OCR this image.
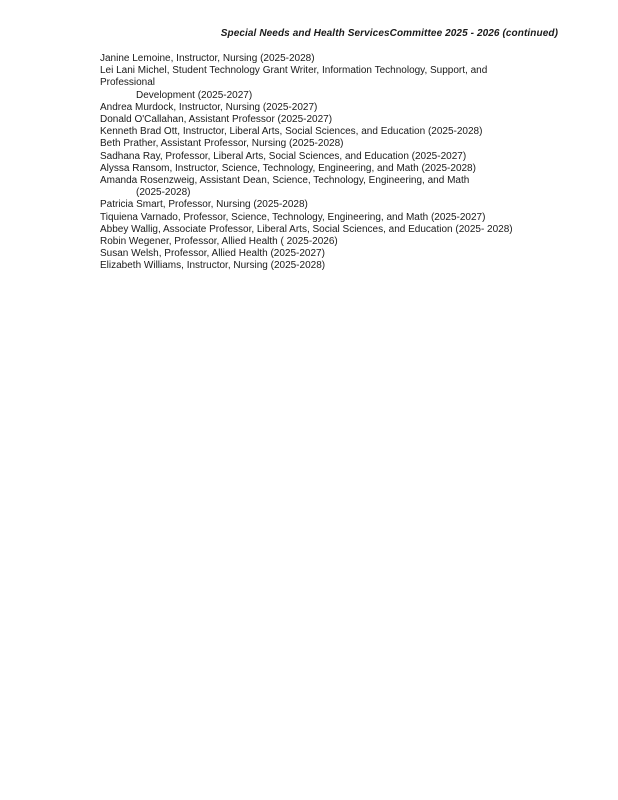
Special Needs and Health ServicesCommittee 2025 - 2026 (continued)
Janine Lemoine, Instructor, Nursing (2025-2028)
Lei Lani Michel, Student Technology Grant Writer, Information Technology, Support, and Professional
Development (2025-2027)
Andrea Murdock, Instructor, Nursing (2025-2027)
Donald O'Callahan, Assistant Professor (2025-2027)
Kenneth Brad Ott, Instructor, Liberal Arts, Social Sciences, and Education (2025-2028)
Beth Prather, Assistant Professor, Nursing (2025-2028)
Sadhana Ray, Professor, Liberal Arts, Social Sciences, and Education (2025-2027)
Alyssa Ransom, Instructor, Science, Technology, Engineering, and Math (2025-2028)
Amanda Rosenzweig, Assistant Dean, Science, Technology, Engineering, and Math
(2025-2028)
Patricia Smart, Professor, Nursing (2025-2028)
Tiquiena Varnado, Professor, Science, Technology, Engineering, and Math (2025-2027)
Abbey Wallig, Associate Professor, Liberal Arts, Social Sciences, and Education (2025- 2028)
Robin Wegener, Professor, Allied Health ( 2025-2026)
Susan Welsh, Professor, Allied Health (2025-2027)
Elizabeth Williams, Instructor, Nursing (2025-2028)
